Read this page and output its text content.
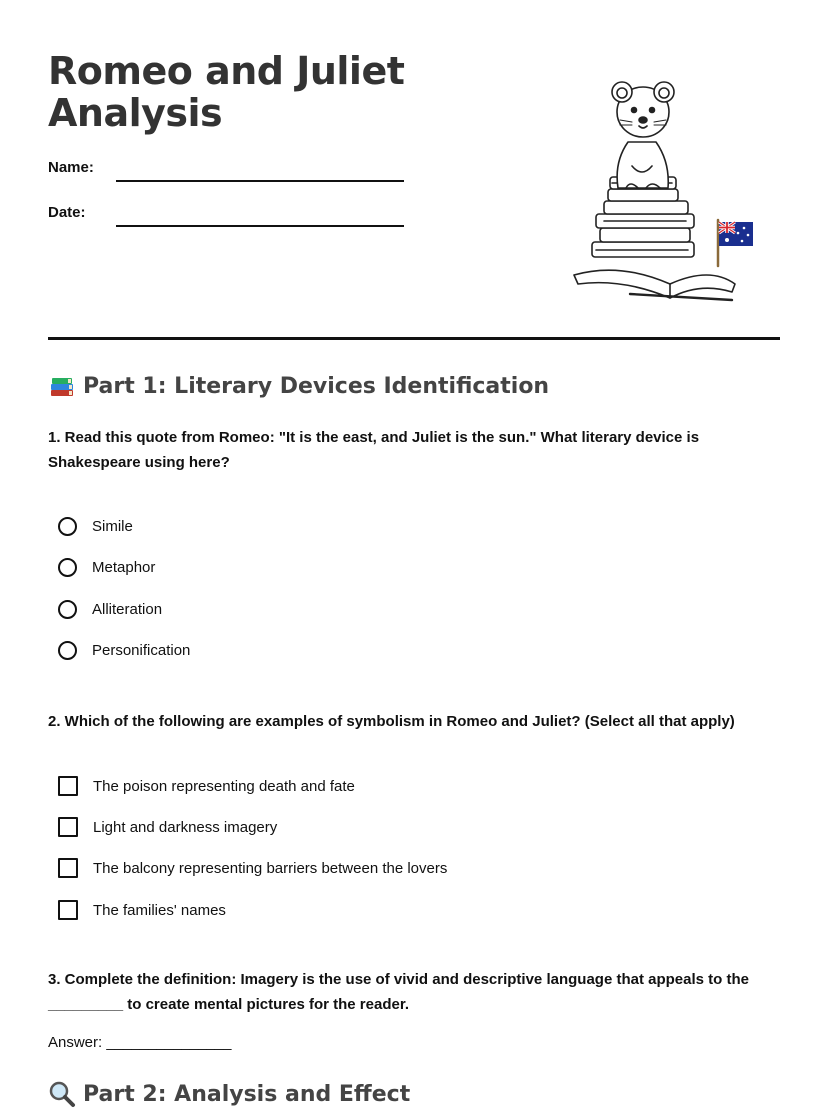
Romeo and Juliet Analysis
Name:
Date:
Part 1: Literary Devices Identification
1. Read this quote from Romeo: "It is the east, and Juliet is the sun." What literary device is Shakespeare using here?
Simile
Metaphor
Alliteration
Personification
2. Which of the following are examples of symbolism in Romeo and Juliet? (Select all that apply)
The poison representing death and fate
Light and darkness imagery
The balcony representing barriers between the lovers
The families' names
3. Complete the definition: Imagery is the use of vivid and descriptive language that appeals to the _________ to create mental pictures for the reader.
Answer: _______________
Part 2: Analysis and Effect
